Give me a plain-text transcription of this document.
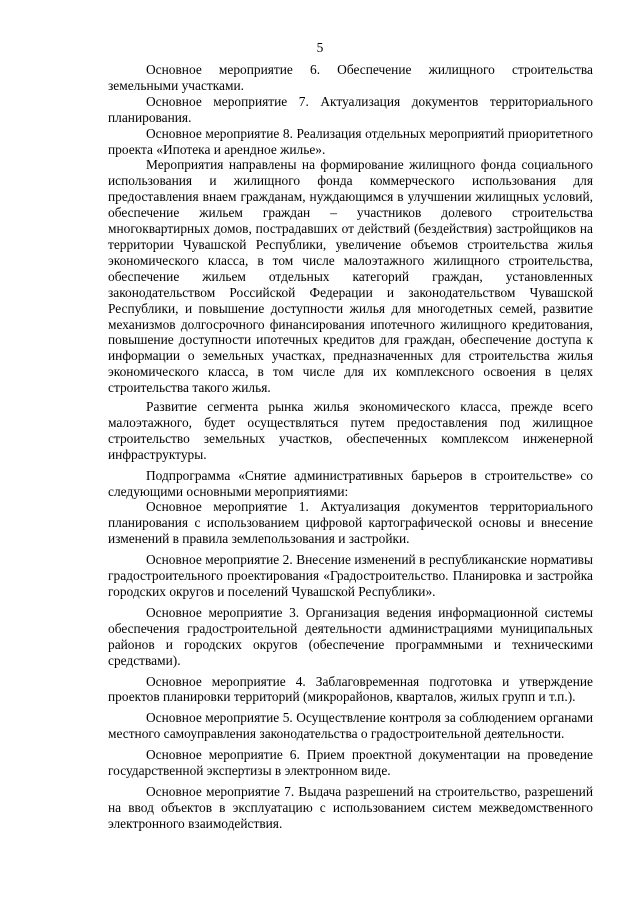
5

Основное мероприятие 6. Обеспечение жилищного строительства земельными участками.

Основное мероприятие 7. Актуализация документов территориального планирования.

Основное мероприятие 8. Реализация отдельных мероприятий приоритетного проекта «Ипотека и арендное жилье».

Мероприятия направлены на формирование жилищного фонда социального использования и жилищного фонда коммерческого использования для предоставления внаем гражданам, нуждающимся в улучшении жилищных условий, обеспечение жильем граждан – участников долевого строительства многоквартирных домов, пострадавших от действий (бездействия) застройщиков на территории Чувашской Республики, увеличение объемов строительства жилья экономического класса, в том числе малоэтажного жилищного строительства, обеспечение жильем отдельных категорий граждан, установленных законодательством Российской Федерации и законодательством Чувашской Республики, и повышение доступности жилья для многодетных семей, развитие механизмов долгосрочного финансирования ипотечного жилищного кредитования, повышение доступности ипотечных кредитов для граждан, обеспечение доступа к информации о земельных участках, предназначенных для строительства жилья экономического класса, в том числе для их комплексного освоения в целях строительства такого жилья.

Развитие сегмента рынка жилья экономического класса, прежде всего малоэтажного, будет осуществляться путем предоставления под жилищное строительство земельных участков, обеспеченных комплексом инженерной инфраструктуры.

Подпрограмма «Снятие административных барьеров в строительстве» со следующими основными мероприятиями:

Основное мероприятие 1. Актуализация документов территориального планирования с использованием цифровой картографической основы и внесение изменений в правила землепользования и застройки.

Основное мероприятие 2. Внесение изменений в республиканские нормативы градостроительного проектирования «Градостроительство. Планировка и застройка городских округов и поселений Чувашской Республики».

Основное мероприятие 3. Организация ведения информационной системы обеспечения градостроительной деятельности администрациями муниципальных районов и городских округов (обеспечение программными и техническими средствами).

Основное мероприятие 4. Заблаговременная подготовка и утверждение проектов планировки территорий (микрорайонов, кварталов, жилых групп и т.п.).

Основное мероприятие 5. Осуществление контроля за соблюдением органами местного самоуправления законодательства о градостроительной деятельности.

Основное мероприятие 6. Прием проектной документации на проведение государственной экспертизы в электронном виде.

Основное мероприятие 7. Выдача разрешений на строительство, разрешений на ввод объектов в эксплуатацию с использованием систем межведомственного электронного взаимодействия.
